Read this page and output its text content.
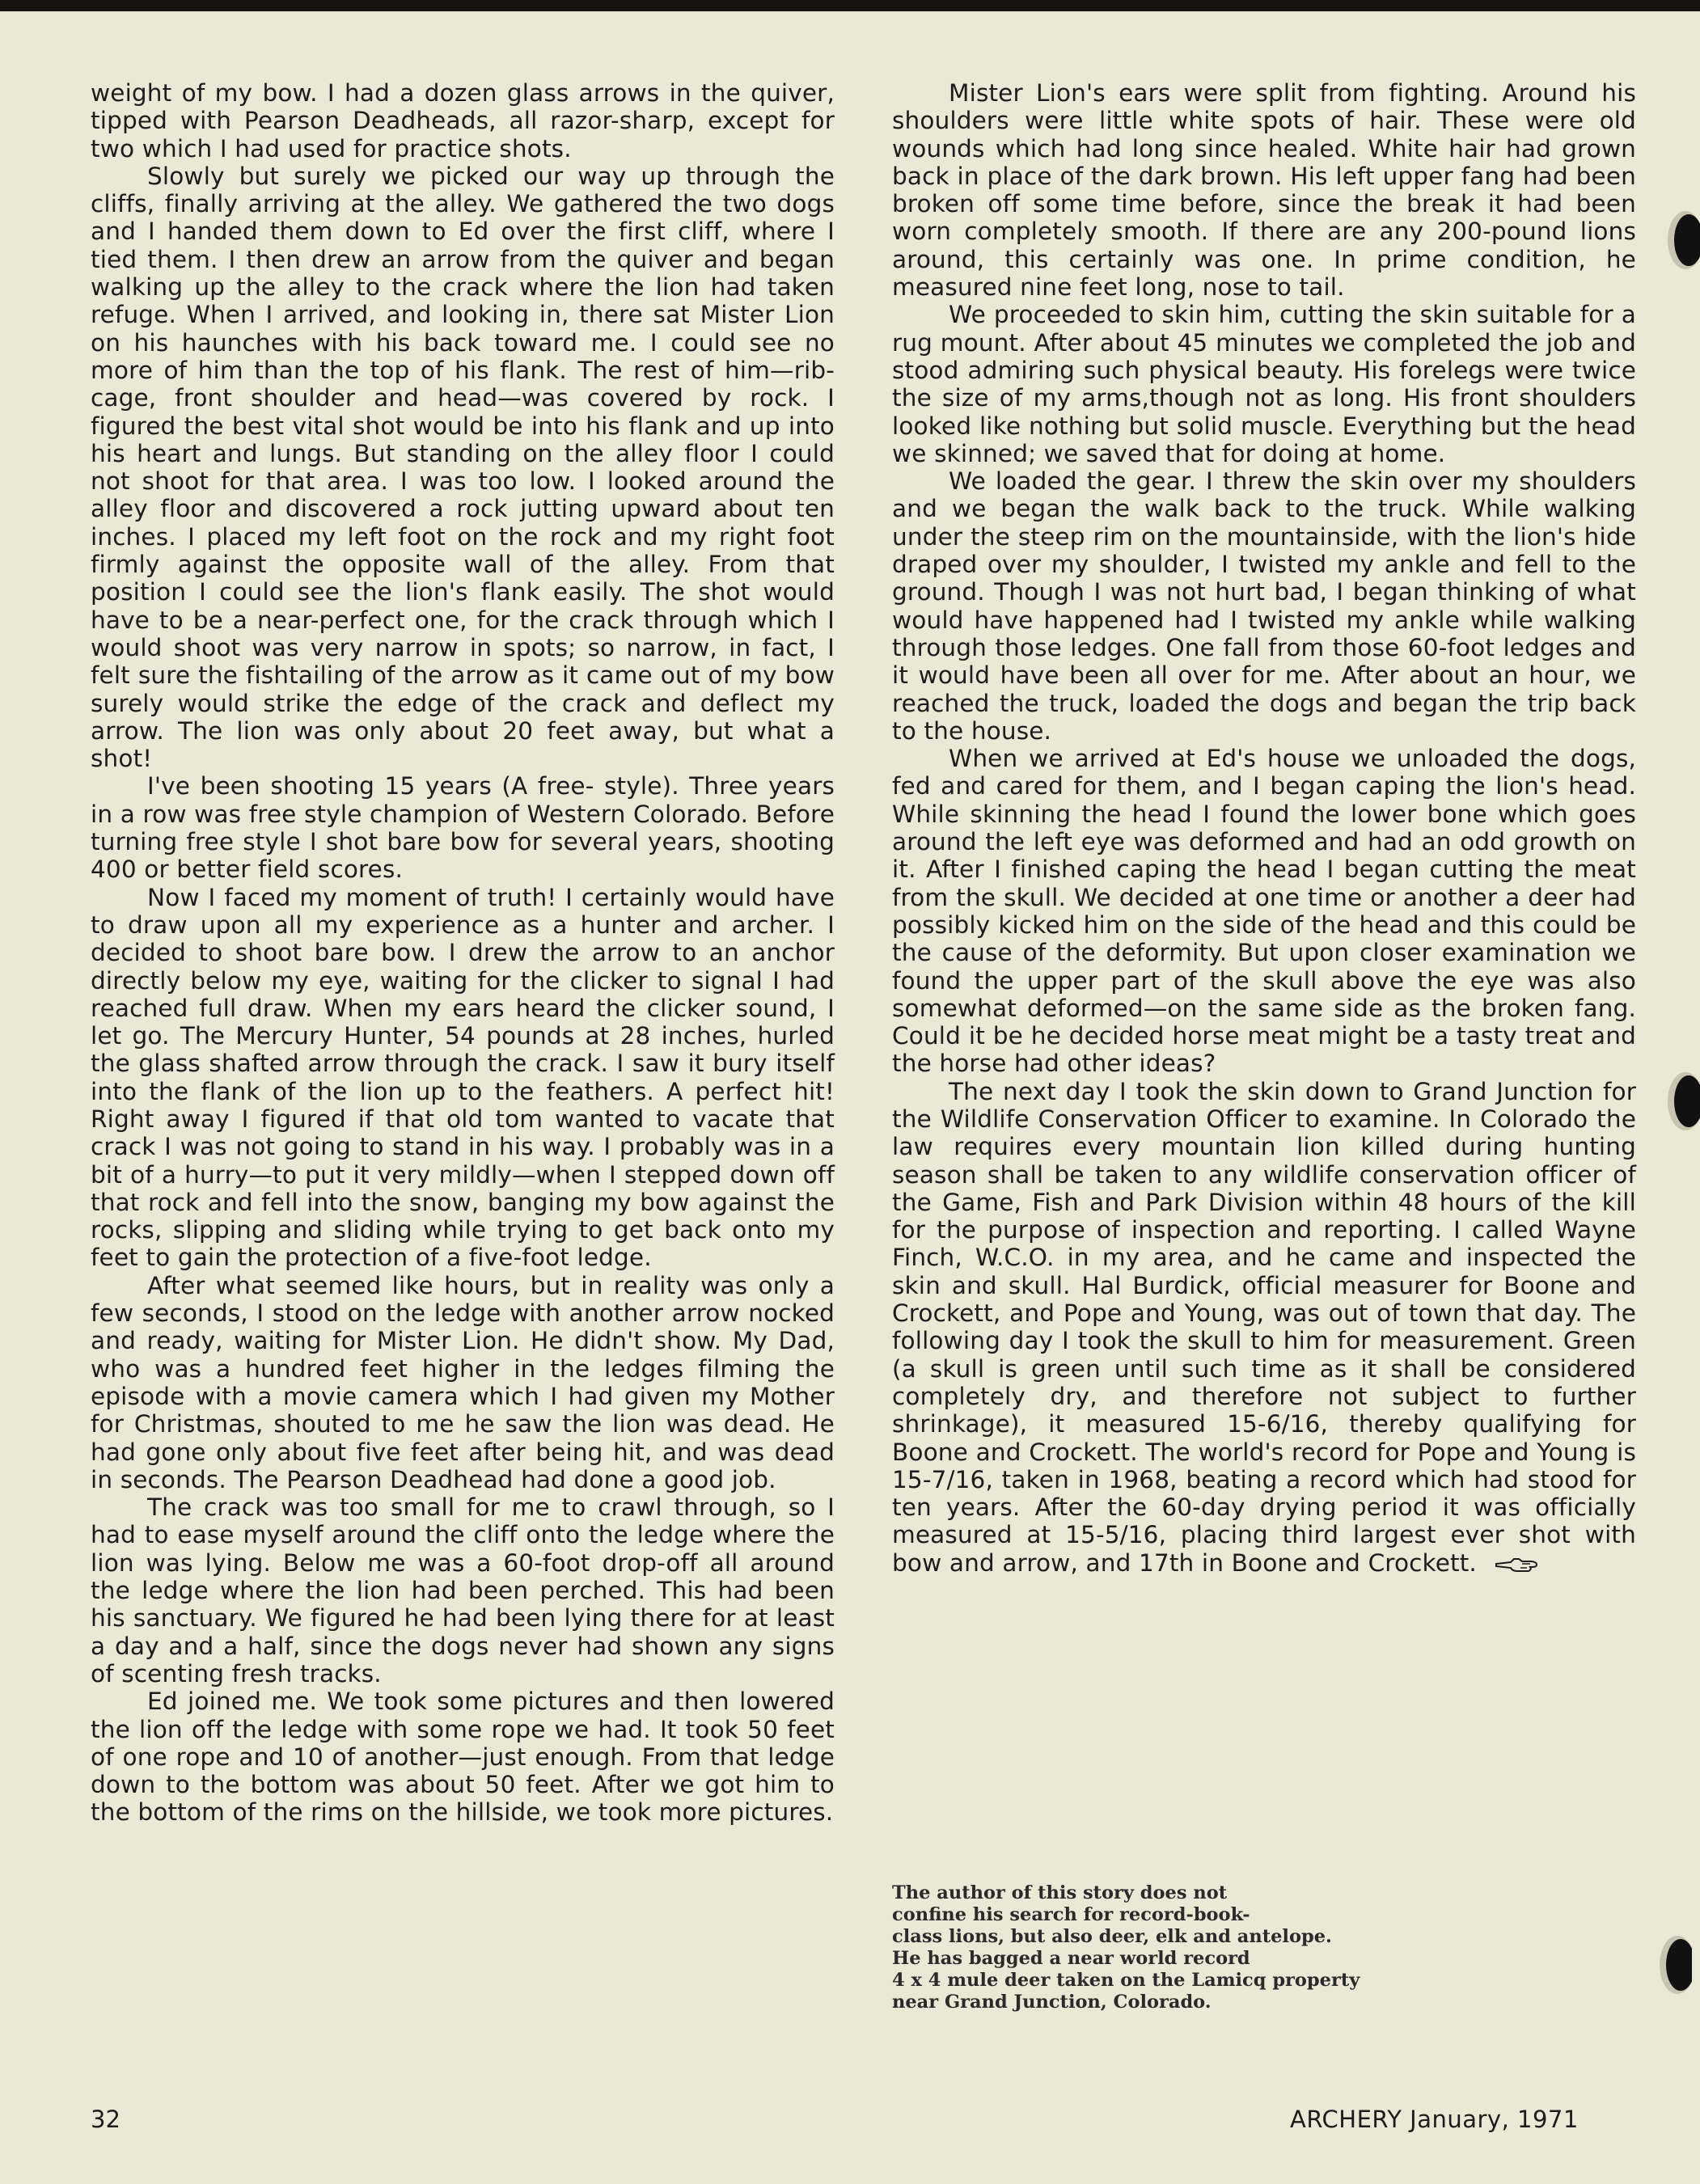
weight of my bow. I had a dozen glass arrows in the quiver, tipped with Pearson Deadheads, all razor-sharp, except for two which I had used for practice shots.

Slowly but surely we picked our way up through the cliffs, finally arriving at the alley. We gathered the two dogs and I handed them down to Ed over the first cliff, where I tied them. I then drew an arrow from the quiver and began walking up the alley to the crack where the lion had taken refuge. When I arrived, and looking in, there sat Mister Lion on his haunches with his back toward me. I could see no more of him than the top of his flank. The rest of him—rib-cage, front shoulder and head—was covered by rock. I figured the best vital shot would be into his flank and up into his heart and lungs. But standing on the alley floor I could not shoot for that area. I was too low. I looked around the alley floor and discovered a rock jutting upward about ten inches. I placed my left foot on the rock and my right foot firmly against the opposite wall of the alley. From that position I could see the lion's flank easily. The shot would have to be a near-perfect one, for the crack through which I would shoot was very narrow in spots; so narrow, in fact, I felt sure the fishtailing of the arrow as it came out of my bow surely would strike the edge of the crack and deflect my arrow. The lion was only about 20 feet away, but what a shot!

I've been shooting 15 years (A free- style). Three years in a row was free style champion of Western Colorado. Before turning free style I shot bare bow for several years, shooting 400 or better field scores.

Now I faced my moment of truth! I certainly would have to draw upon all my experience as a hunter and archer. I decided to shoot bare bow. I drew the arrow to an anchor directly below my eye, waiting for the clicker to signal I had reached full draw. When my ears heard the clicker sound, I let go. The Mercury Hunter, 54 pounds at 28 inches, hurled the glass shafted arrow through the crack. I saw it bury itself into the flank of the lion up to the feathers. A perfect hit! Right away I figured if that old tom wanted to vacate that crack I was not going to stand in his way. I probably was in a bit of a hurry—to put it very mildly—when I stepped down off that rock and fell into the snow, banging my bow against the rocks, slipping and sliding while trying to get back onto my feet to gain the protection of a five-foot ledge.

After what seemed like hours, but in reality was only a few seconds, I stood on the ledge with another arrow nocked and ready, waiting for Mister Lion. He didn't show. My Dad, who was a hundred feet higher in the ledges filming the episode with a movie camera which I had given my Mother for Christmas, shouted to me he saw the lion was dead. He had gone only about five feet after being hit, and was dead in seconds. The Pearson Deadhead had done a good job.

The crack was too small for me to crawl through, so I had to ease myself around the cliff onto the ledge where the lion was lying. Below me was a 60-foot drop-off all around the ledge where the lion had been perched. This had been his sanctuary. We figured he had been lying there for at least a day and a half, since the dogs never had shown any signs of scenting fresh tracks.

Ed joined me. We took some pictures and then lowered the lion off the ledge with some rope we had. It took 50 feet of one rope and 10 of another—just enough. From that ledge down to the bottom was about 50 feet. After we got him to the bottom of the rims on the hillside, we took more pictures.

Mister Lion's ears were split from fighting. Around his shoulders were little white spots of hair. These were old wounds which had long since healed. White hair had grown back in place of the dark brown. His left upper fang had been broken off some time before, since the break it had been worn completely smooth. If there are any 200-pound lions around, this certainly was one. In prime condition, he measured nine feet long, nose to tail.

We proceeded to skin him, cutting the skin suitable for a rug mount. After about 45 minutes we completed the job and stood admiring such physical beauty. His forelegs were twice the size of my arms,though not as long. His front shoulders looked like nothing but solid muscle. Everything but the head we skinned; we saved that for doing at home.

We loaded the gear. I threw the skin over my shoulders and we began the walk back to the truck. While walking under the steep rim on the mountainside, with the lion's hide draped over my shoulder, I twisted my ankle and fell to the ground. Though I was not hurt bad, I began thinking of what would have happened had I twisted my ankle while walking through those ledges. One fall from those 60-foot ledges and it would have been all over for me. After about an hour, we reached the truck, loaded the dogs and began the trip back to the house.

When we arrived at Ed's house we unloaded the dogs, fed and cared for them, and I began caping the lion's head. While skinning the head I found the lower bone which goes around the left eye was deformed and had an odd growth on it. After I finished caping the head I began cutting the meat from the skull. We decided at one time or another a deer had possibly kicked him on the side of the head and this could be the cause of the deformity. But upon closer examination we found the upper part of the skull above the eye was also somewhat deformed—on the same side as the broken fang. Could it be he decided horse meat might be a tasty treat and the horse had other ideas?

The next day I took the skin down to Grand Junction for the Wildlife Conservation Officer to examine. In Colorado the law requires every mountain lion killed during hunting season shall be taken to any wildlife conservation officer of the Game, Fish and Park Division within 48 hours of the kill for the purpose of inspection and reporting. I called Wayne Finch, W.C.O. in my area, and he came and inspected the skin and skull. Hal Burdick, official measurer for Boone and Crockett, and Pope and Young, was out of town that day. The following day I took the skull to him for measurement. Green (a skull is green until such time as it shall be considered completely dry, and therefore not subject to further shrinkage), it measured 15-6/16, thereby qualifying for Boone and Crockett. The world's record for Pope and Young is 15-7/16, taken in 1968, beating a record which had stood for ten years. After the 60-day drying period it was officially measured at 15-5/16, placing third largest ever shot with bow and arrow, and 17th in Boone and Crockett.

The author of this story does not
confine his search for record-book-
class lions, but also deer, elk and antelope.
He has bagged a near world record
4 x 4 mule deer taken on the Lamicq property
near Grand Junction, Colorado.
32	ARCHERY January, 1971
